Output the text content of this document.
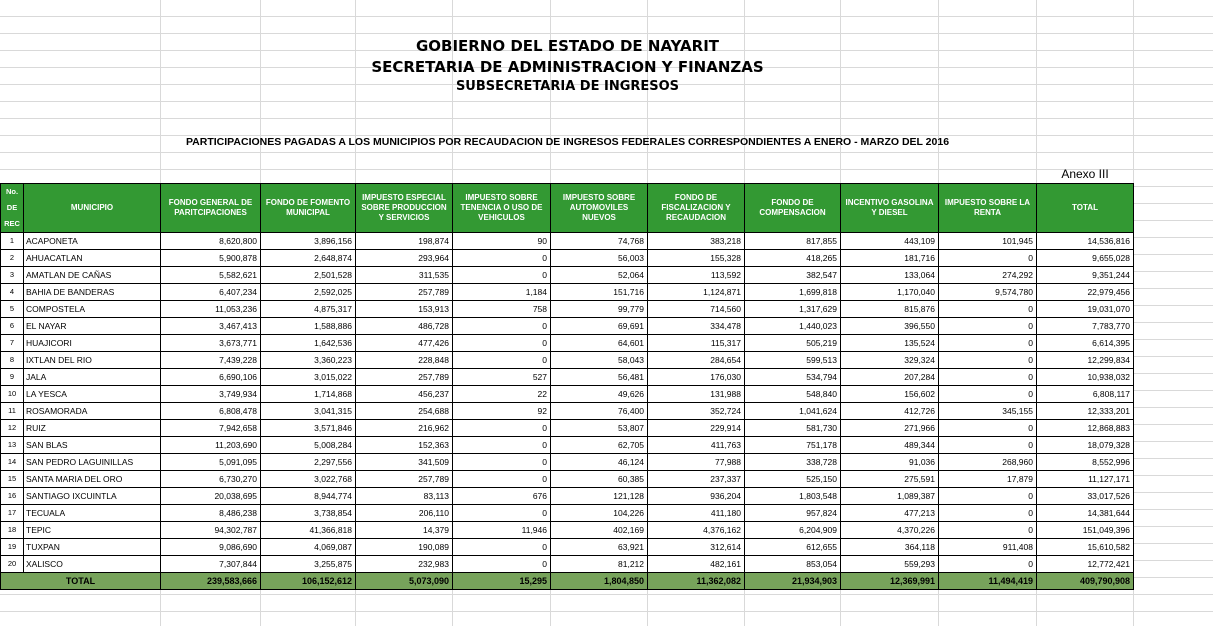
GOBIERNO DEL ESTADO DE NAYARIT
SECRETARIA DE ADMINISTRACION Y FINANZAS
SUBSECRETARIA DE INGRESOS
PARTICIPACIONES PAGADAS A LOS MUNICIPIOS POR RECAUDACION DE INGRESOS FEDERALES CORRESPONDIENTES A ENERO - MARZO DEL 2016
Anexo III
No.
DE
REC	MUNICIPIO	FONDO GENERAL DE PARITCIPACIONES	FONDO DE FOMENTO MUNICIPAL	IMPUESTO ESPECIAL SOBRE PRODUCCION Y SERVICIOS	IMPUESTO SOBRE TENENCIA O USO DE VEHICULOS	IMPUESTO SOBRE AUTOMOVILES NUEVOS	FONDO DE FISCALIZACION Y RECAUDACION	FONDO DE COMPENSACION	INCENTIVO GASOLINA Y DIESEL	IMPUESTO SOBRE LA RENTA	TOTAL
1	ACAPONETA	8,620,800	3,896,156	198,874	90	74,768	383,218	817,855	443,109	101,945	14,536,816
2	AHUACATLAN	5,900,878	2,648,874	293,964	0	56,003	155,328	418,265	181,716	0	9,655,028
3	AMATLAN DE CAÑAS	5,582,621	2,501,528	311,535	0	52,064	113,592	382,547	133,064	274,292	9,351,244
4	BAHIA DE BANDERAS	6,407,234	2,592,025	257,789	1,184	151,716	1,124,871	1,699,818	1,170,040	9,574,780	22,979,456
5	COMPOSTELA	11,053,236	4,875,317	153,913	758	99,779	714,560	1,317,629	815,876	0	19,031,070
6	EL NAYAR	3,467,413	1,588,886	486,728	0	69,691	334,478	1,440,023	396,550	0	7,783,770
7	HUAJICORI	3,673,771	1,642,536	477,426	0	64,601	115,317	505,219	135,524	0	6,614,395
8	IXTLAN DEL RIO	7,439,228	3,360,223	228,848	0	58,043	284,654	599,513	329,324	0	12,299,834
9	JALA	6,690,106	3,015,022	257,789	527	56,481	176,030	534,794	207,284	0	10,938,032
10	LA YESCA	3,749,934	1,714,868	456,237	22	49,626	131,988	548,840	156,602	0	6,808,117
11	ROSAMORADA	6,808,478	3,041,315	254,688	92	76,400	352,724	1,041,624	412,726	345,155	12,333,201
12	RUIZ	7,942,658	3,571,846	216,962	0	53,807	229,914	581,730	271,966	0	12,868,883
13	SAN BLAS	11,203,690	5,008,284	152,363	0	62,705	411,763	751,178	489,344	0	18,079,328
14	SAN PEDRO LAGUINILLAS	5,091,095	2,297,556	341,509	0	46,124	77,988	338,728	91,036	268,960	8,552,996
15	SANTA MARIA DEL ORO	6,730,270	3,022,768	257,789	0	60,385	237,337	525,150	275,591	17,879	11,127,171
16	SANTIAGO IXCUINTLA	20,038,695	8,944,774	83,113	676	121,128	936,204	1,803,548	1,089,387	0	33,017,526
17	TECUALA	8,486,238	3,738,854	206,110	0	104,226	411,180	957,824	477,213	0	14,381,644
18	TEPIC	94,302,787	41,366,818	14,379	11,946	402,169	4,376,162	6,204,909	4,370,226	0	151,049,396
19	TUXPAN	9,086,690	4,069,087	190,089	0	63,921	312,614	612,655	364,118	911,408	15,610,582
20	XALISCO	7,307,844	3,255,875	232,983	0	81,212	482,161	853,054	559,293	0	12,772,421
TOTAL		239,583,666	106,152,612	5,073,090	15,295	1,804,850	11,362,082	21,934,903	12,369,991	11,494,419	409,790,908
